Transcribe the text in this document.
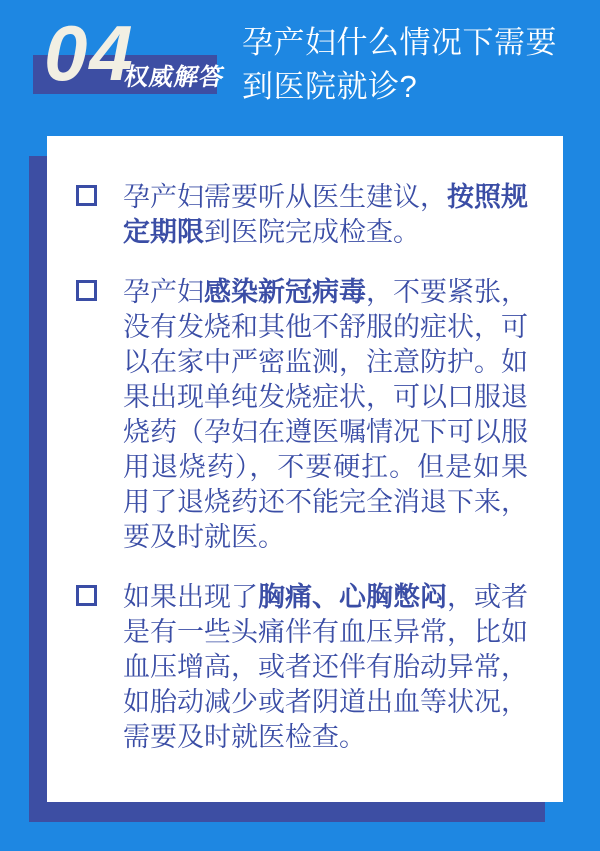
权威解答
04	孕产妇什么情况下需要到医院就诊?

孕产妇需要听从医生建议，按照规定期限到医院完成检查。

孕产妇感染新冠病毒，不要紧张，没有发烧和其他不舒服的症状，可以在家中严密监测，注意防护。如果出现单纯发烧症状，可以口服退烧药（孕妇在遵医嘱情况下可以服用退烧药），不要硬扛。但是如果用了退烧药还不能完全消退下来，要及时就医。

如果出现了胸痛、心胸憋闷，或者是有一些头痛伴有血压异常，比如血压增高，或者还伴有胎动异常，如胎动减少或者阴道出血等状况，需要及时就医检查。
